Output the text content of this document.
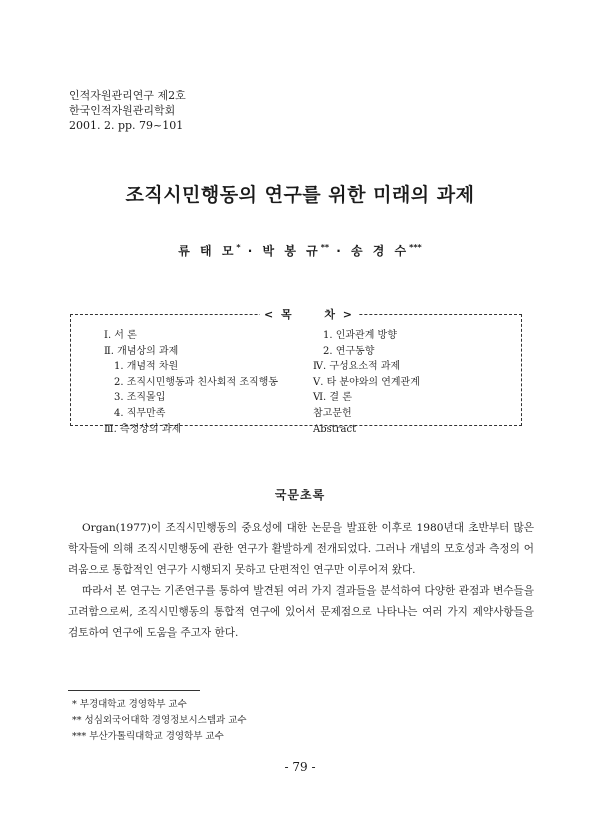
인적자원관리연구 제2호
한국인적자원관리학회
2001. 2. pp. 79~101
조직시민행동의 연구를 위한 미래의 과제
류 태 모* · 박 봉 규** · 송 경 수***
< 목	차 >
Ⅰ. 서 론
Ⅱ. 개념상의 과제
1. 개념적 차원
2. 조직시민행동과 친사회적 조직행동
3. 조직몰입
4. 직무만족
Ⅲ. 측정상의 과제
1. 인과관계 방향
2. 연구동향
Ⅳ. 구성요소적 과제
Ⅴ. 타 분야와의 연계관계
Ⅵ. 결 론
참고문헌
Abstract
국문초록

Organ(1977)이 조직시민행동의 중요성에 대한 논문을 발표한 이후로 1980년대 초반부터 많은 학자들에 의해 조직시민행동에 관한 연구가 활발하게 전개되었다. 그러나 개념의 모호성과 측정의 어려움으로 통합적인 연구가 시행되지 못하고 단편적인 연구만 이루어져 왔다.

따라서 본 연구는 기존연구를 통하여 발견된 여러 가지 결과들을 분석하여 다양한 관점과 변수들을 고려함으로써, 조직시민행동의 통합적 연구에 있어서 문제점으로 나타나는 여러 가지 제약사항들을 검토하여 연구에 도움을 주고자 한다.

* 부경대학교 경영학부 교수
** 성심외국어대학 경영정보시스템과 교수
*** 부산가톨릭대학교 경영학부 교수
- 79 -
